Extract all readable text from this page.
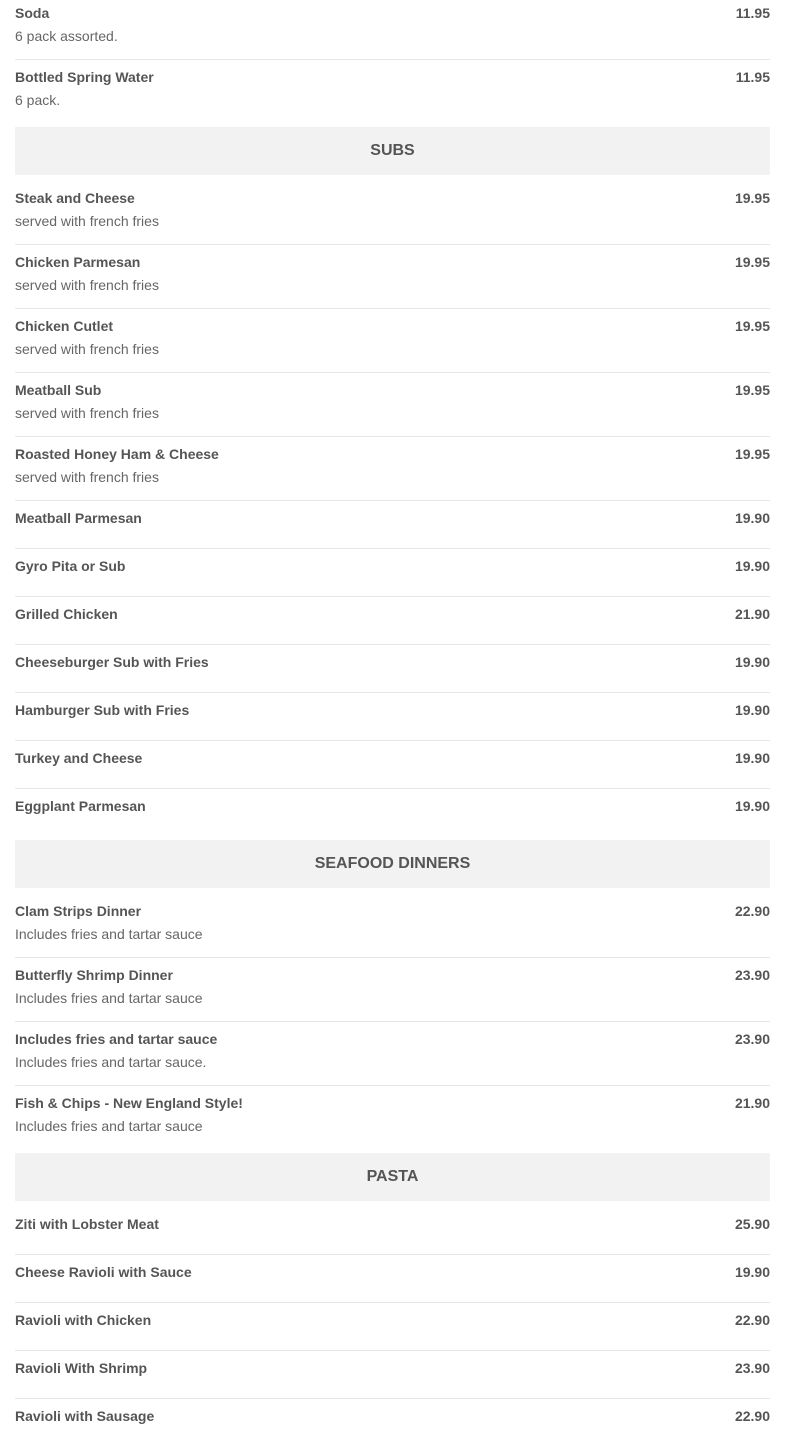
Soda
6 pack assorted.
11.95
Bottled Spring Water
6 pack.
11.95
SUBS
Steak and Cheese
served with french fries
19.95
Chicken Parmesan
served with french fries
19.95
Chicken Cutlet
served with french fries
19.95
Meatball Sub
served with french fries
19.95
Roasted Honey Ham & Cheese
served with french fries
19.95
Meatball Parmesan	19.90
Gyro Pita or Sub	19.90
Grilled Chicken	21.90
Cheeseburger Sub with Fries	19.90
Hamburger Sub with Fries	19.90
Turkey and Cheese	19.90
Eggplant Parmesan	19.90
SEAFOOD DINNERS
Clam Strips Dinner
Includes fries and tartar sauce
22.90
Butterfly Shrimp Dinner
Includes fries and tartar sauce
23.90
Includes fries and tartar sauce
Includes fries and tartar sauce.
23.90
Fish & Chips - New England Style!
Includes fries and tartar sauce
21.90
PASTA
Ziti with Lobster Meat	25.90
Cheese Ravioli with Sauce	19.90
Ravioli with Chicken	22.90
Ravioli With Shrimp	23.90
Ravioli with Sausage	22.90
